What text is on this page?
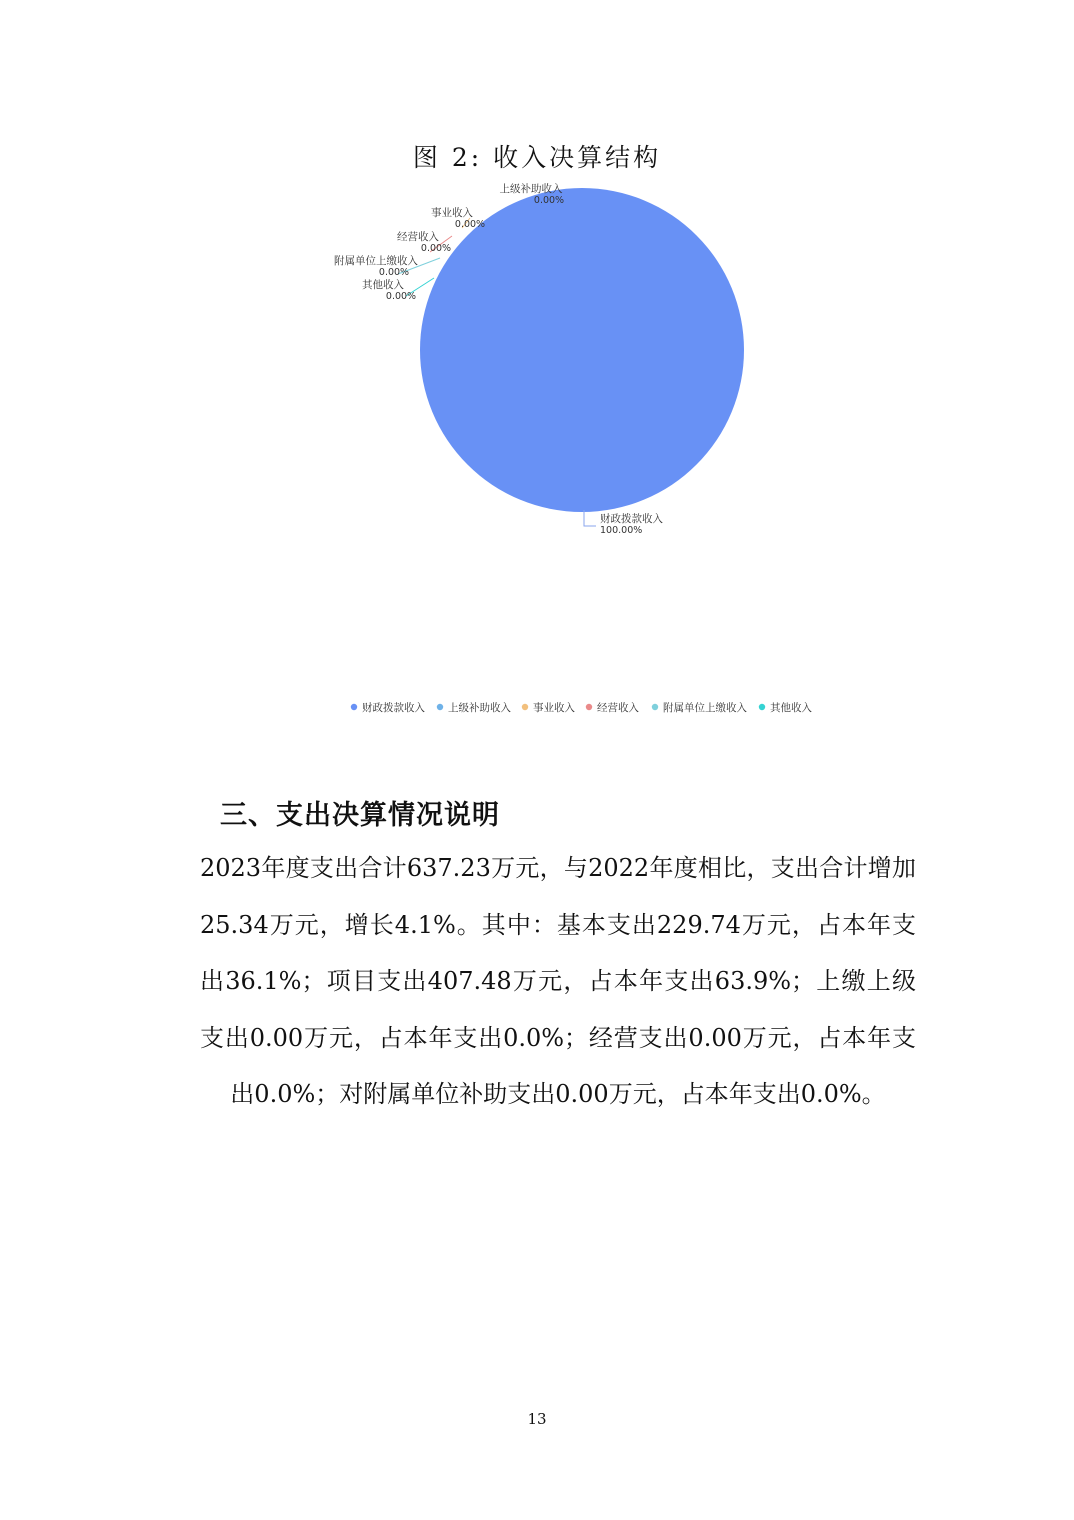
图 2: 收入决算结构
财政拨款收入
100.00%
上级补助收入
0.00%
事业收入
0.00%
经营收入
0.00%
附属单位上缴收入
0.00%
其他收入
0.00%
财政拨款收入 上级补助收入 事业收入 经营收入 附属单位上缴收入 其他收入
三、支出决算情况说明
2023年度支出合计637.23万元，与2022年度相比，支出合计增加25.34万元，增长4.1%。其中：基本支出229.74万元，占本年支出36.1%；项目支出407.48万元，占本年支出63.9%；上缴上级支出0.00万元，占本年支出0.0%；经营支出0.00万元，占本年支出0.0%；对附属单位补助支出0.00万元，占本年支出0.0%。
13
